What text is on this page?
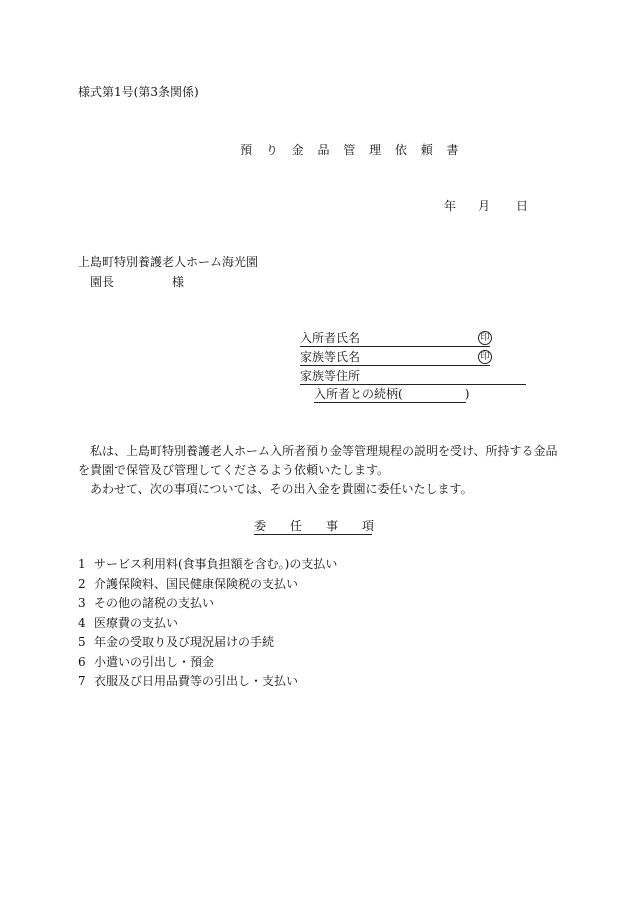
様式第1号(第3条関係)
預 り 金 品 管 理 依 頼 書
年 月 日
上島町特別養護老人ホーム海光園
園長	様
入所者氏名	印
家族等氏名	印
家族等住所
入所者との続柄(	)
　私は、上島町特別養護老人ホーム入所者預り金等管理規程の説明を受け、所持する金品
を貴園で保管及び管理してくださるよう依頼いたします。
　あわせて、次の事項については、その出入金を貴園に委任いたします。
委 任 事 項
1 サービス利用料(食事負担額を含む。)の支払い
2 介護保険料、国民健康保険税の支払い
3 その他の諸税の支払い
4 医療費の支払い
5 年金の受取り及び現況届けの手続
6 小遣いの引出し・預金
7 衣服及び日用品費等の引出し・支払い
